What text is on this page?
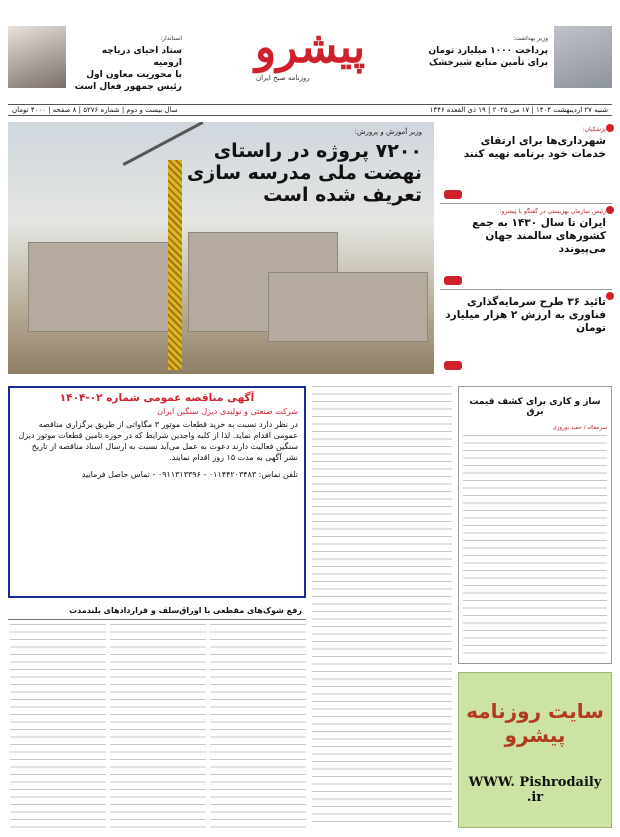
وزیر بهداشت:
پرداخت ۱۰۰۰ میلیارد تومان
برای تأمین منابع شیرخشک
پیشرو
روزنامه صبح ایران
استاندار:
ستاد احیای دریاچه ارومیه
با محوریت معاون اول
رئیس جمهور فعال است
شنبه ۲۷ اردیبهشت ۱۴۰۴ | ۱۷ می ۲۰۲۵ | ۱۹ ذی القعده ۱۴۴۶
سال بیست و دوم | شماره ۵۲۷۶ | ۸ صفحه | ۴۰۰۰ تومان
وزیر آموزش و پرورش:
۷۲۰۰ پروژه در راستای
نهضت ملی مدرسه سازی
تعریف شده است
پزشکیان:
شهرداری‌ها برای ارتقای خدمات خود برنامه تهیه کنند
رئیس سازمان بهزیستی در گفتگو با پیشرو:
ایران تا سال ۱۴۳۰ به جمع کشورهای سالمند جهان می‌پیوندد
تائید ۳۶ طرح سرمایه‌گذاری فناوری به ارزش ۲ هزار میلیارد تومان
آگهی مناقصه عمومی شماره ۰۲-۱۴۰۴
شرکت صنعتی و تولیدی دیزل سنگین ایران
در نظر دارد نسبت به خرید قطعات موتور ۳ مگاواتی از طریق برگزاری مناقصه عمومی اقدام نماید. لذا از کلیه واجدین شرایط که در حوزه تامین قطعات موتور دیزل سنگین فعالیت دارند دعوت به عمل می‌آید نسبت به ارسال اسناد مناقصه از تاریخ نشر آگهی به مدت ۱۵ روز اقدام نمایند.
تلفن تماس: ۰۱۱۴۴۲۰۳۴۸۳ - ۰۹۱۱۳۱۳۳۹۶ - تماس حاصل فرمایید
ساز و کاری برای کشف قیمت برق
سرمقاله / حمید نوروزی
رفع شوک‌های مقطعی با اوراق‌سلف و قراردادهای بلندمدت
سایت روزنامه پیشرو
WWW. Pishrodaily .ir
